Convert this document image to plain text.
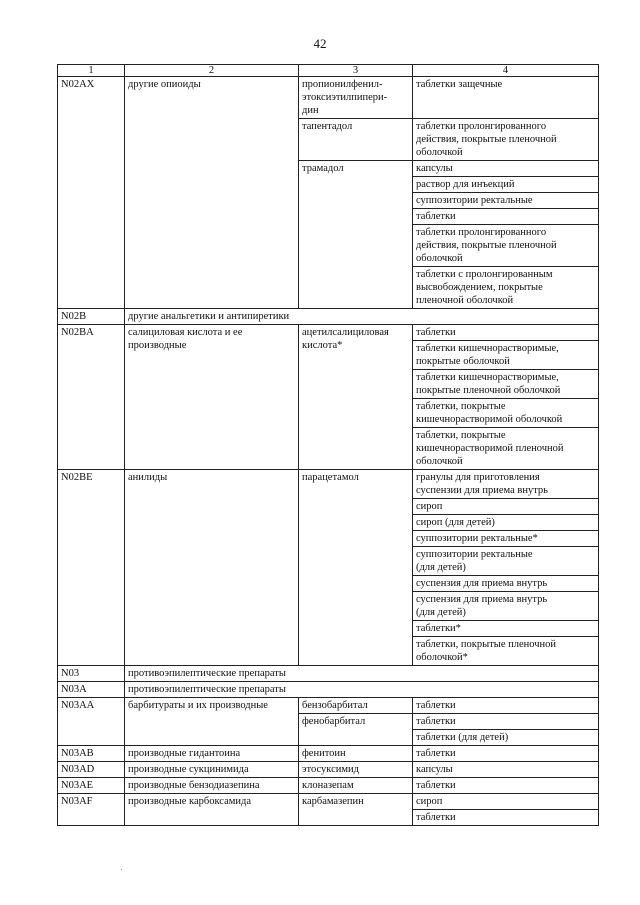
42
1	2	3	4
N02AX	другие опиоиды	пропионилфенил-
этоксиэтилпипери-
дин	таблетки защечные
		тапентадол	таблетки пролонгированного
действия, покрытые пленочной
оболочкой
		трамадол	капсулы
			раствор для инъекций
			суппозитории ректальные
			таблетки
			таблетки пролонгированного
действия, покрытые пленочной
оболочкой
			таблетки с пролонгированным
высвобождением, покрытые
пленочной оболочкой
N02B	другие анальгетики и антипиретики		
N02BA	салициловая кислота и ее
производные	ацетилсалициловая
кислота*	таблетки
			таблетки кишечнорастворимые,
покрытые оболочкой
			таблетки кишечнорастворимые,
покрытые пленочной оболочкой
			таблетки, покрытые
кишечнорастворимой оболочкой
			таблетки, покрытые
кишечнорастворимой пленочной
оболочкой
N02BE	анилиды	парацетамол	гранулы для приготовления
суспензии для приема внутрь
			сироп
			сироп (для детей)
			суппозитории ректальные*
			суппозитории ректальные
(для детей)
			суспензия для приема внутрь
			суспензия для приема внутрь
(для детей)
			таблетки*
			таблетки, покрытые пленочной
оболочкой*
N03	противоэпилептические препараты		
N03A	противоэпилептические препараты		
N03AA	барбитураты и их производные	бензобарбитал	таблетки
		фенобарбитал	таблетки
			таблетки (для детей)
N03AB	производные гидантоина	фенитоин	таблетки
N03AD	производные сукцинимида	этосуксимид	капсулы
N03AE	производные бензодиазепина	клоназепам	таблетки
N03AF	производные карбоксамида	карбамазепин	сироп
			таблетки
